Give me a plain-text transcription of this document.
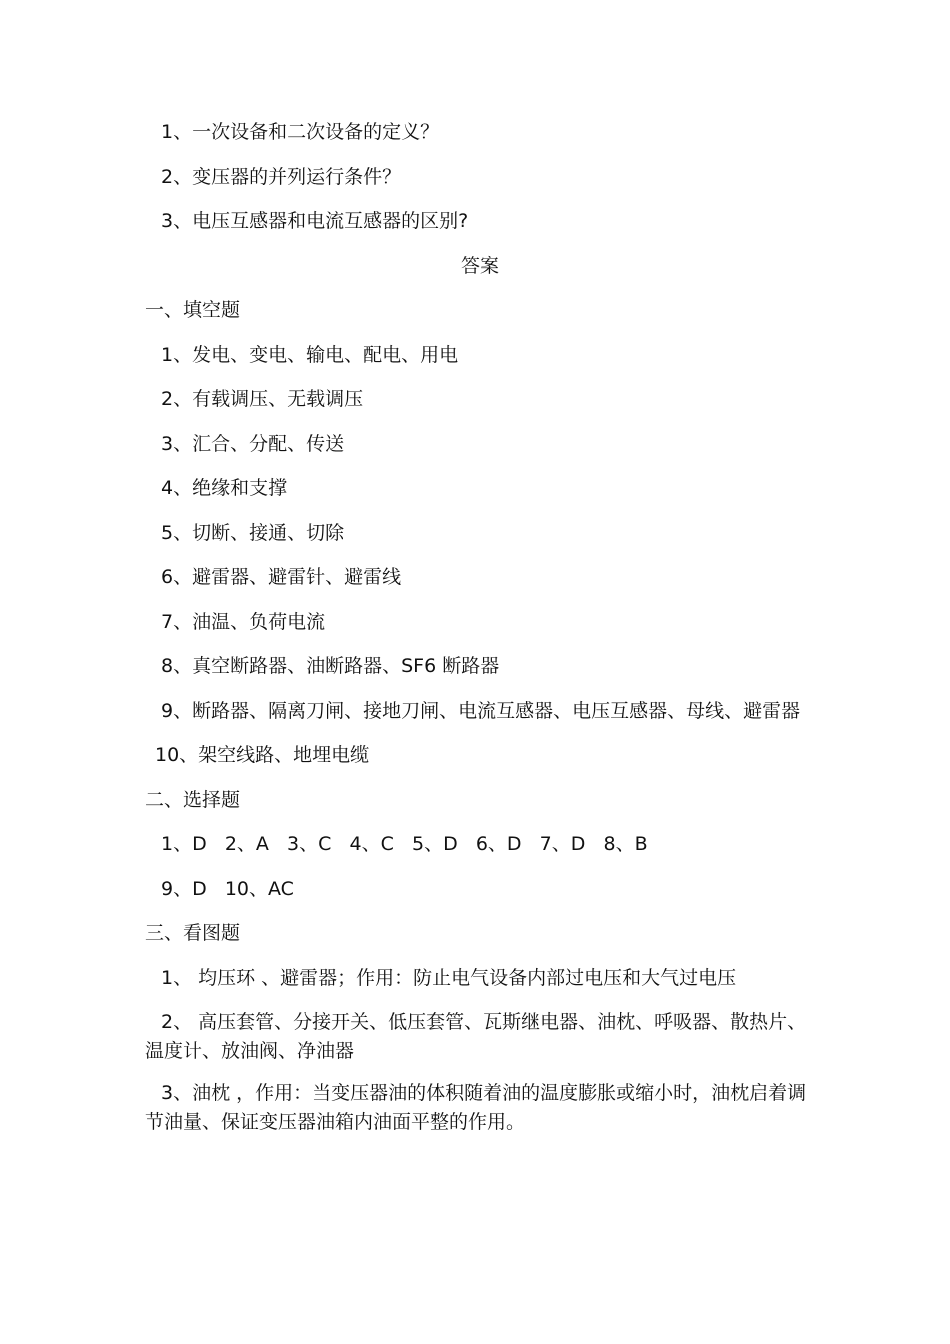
1、一次设备和二次设备的定义？
2、变压器的并列运行条件？
3、电压互感器和电流互感器的区别?
答案
一、填空题
1、发电、变电、输电、配电、用电
2、有载调压、无载调压
3、汇合、分配、传送
4、绝缘和支撑
5、切断、接通、切除
6、避雷器、避雷针、避雷线
7、油温、负荷电流
8、真空断路器、油断路器、SF6 断路器
9、断路器、隔离刀闸、接地刀闸、电流互感器、电压互感器、母线、避雷器
10、架空线路、地埋电缆
二、选择题
1、D   2、A   3、C   4、C   5、D   6、D   7、D   8、B
9、D   10、AC
三、看图题
1、 均压环 、避雷器；作用：防止电气设备内部过电压和大气过电压
2、 高压套管、分接开关、低压套管、瓦斯继电器、油枕、呼吸器、散热片、温度计、放油阀、净油器
3、油枕 ，作用：当变压器油的体积随着油的温度膨胀或缩小时，油枕启着调节油量、保证变压器油箱内油面平整的作用。
